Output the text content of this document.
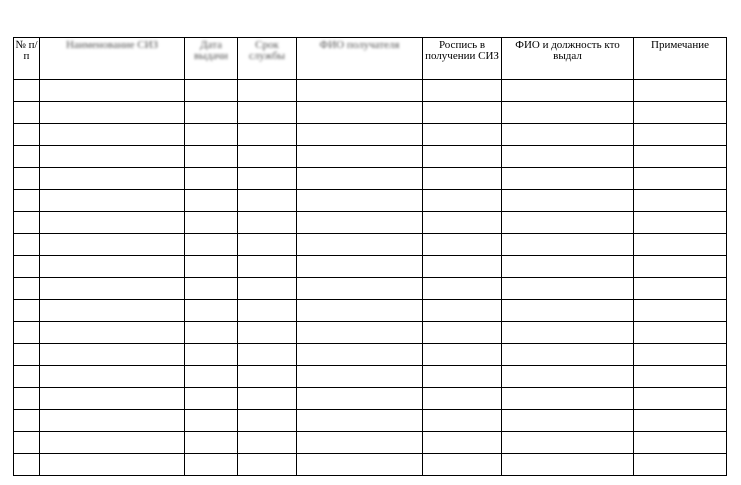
№ п/п	Наименование СИЗ	Дата выдачи	Срок службы	ФИО получателя	Роспись в получении СИЗ	ФИО и должность кто выдал	Примечание
